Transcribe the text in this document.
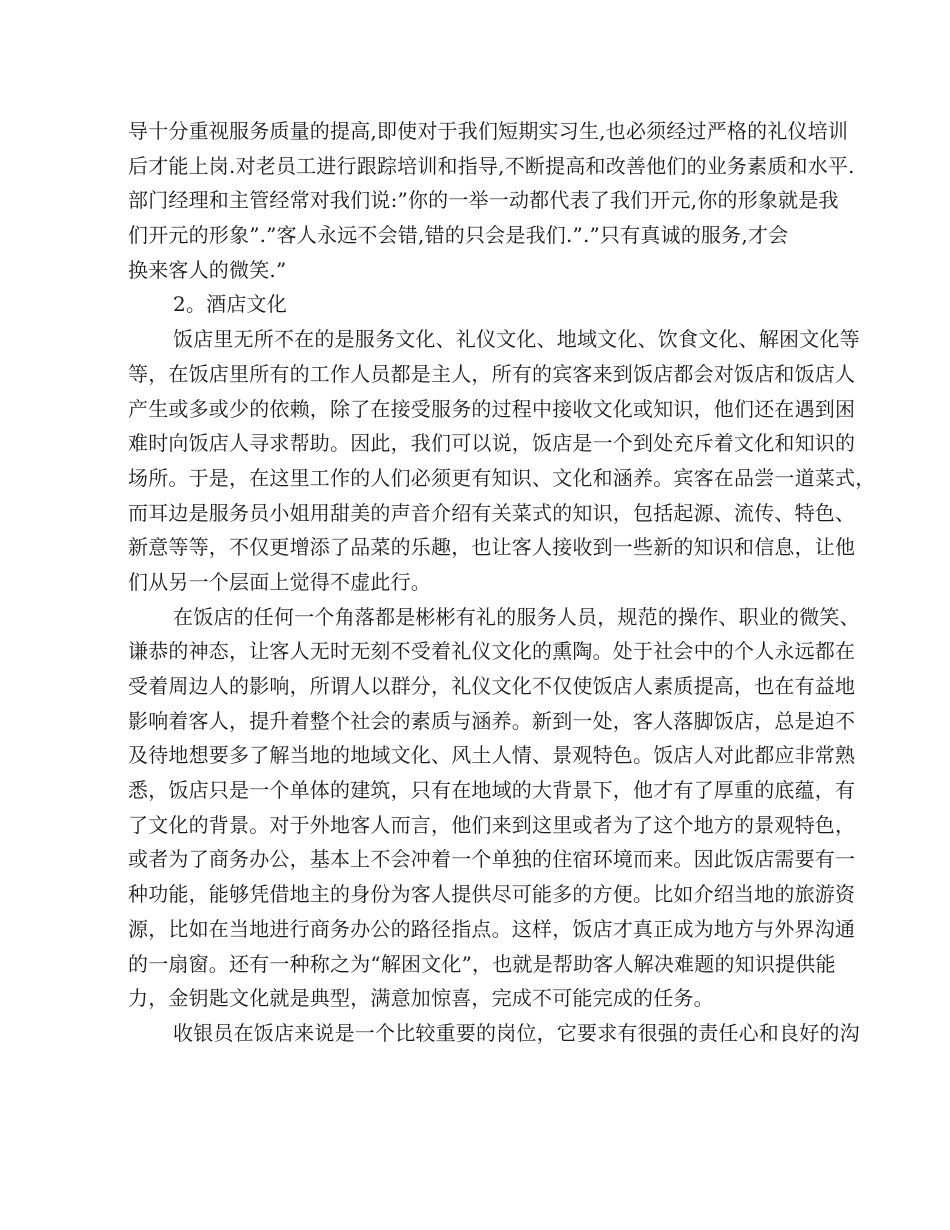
导十分重视服务质量的提高,即使对于我们短期实习生,也必须经过严格的礼仪培训
后才能上岗.对老员工进行跟踪培训和指导,不断提高和改善他们的业务素质和水平.
部门经理和主管经常对我们说:”你的一举一动都代表了我们开元,你的形象就是我
们开元的形象”.”客人永远不会错,错的只会是我们.”.”只有真诚的服务,才会
换来客人的微笑.”
2。酒店文化
饭店里无所不在的是服务文化、礼仪文化、地域文化、饮食文化、解困文化等
等，在饭店里所有的工作人员都是主人，所有的宾客来到饭店都会对饭店和饭店人
产生或多或少的依赖，除了在接受服务的过程中接收文化或知识，他们还在遇到困
难时向饭店人寻求帮助。因此，我们可以说，饭店是一个到处充斥着文化和知识的
场所。于是，在这里工作的人们必须更有知识、文化和涵养。宾客在品尝一道菜式，
而耳边是服务员小姐用甜美的声音介绍有关菜式的知识，包括起源、流传、特色、
新意等等，不仅更增添了品菜的乐趣，也让客人接收到一些新的知识和信息，让他
们从另一个层面上觉得不虚此行。
在饭店的任何一个角落都是彬彬有礼的服务人员，规范的操作、职业的微笑、
谦恭的神态，让客人无时无刻不受着礼仪文化的熏陶。处于社会中的个人永远都在
受着周边人的影响，所谓人以群分，礼仪文化不仅使饭店人素质提高，也在有益地
影响着客人，提升着整个社会的素质与涵养。新到一处，客人落脚饭店，总是迫不
及待地想要多了解当地的地域文化、风土人情、景观特色。饭店人对此都应非常熟
悉，饭店只是一个单体的建筑，只有在地域的大背景下，他才有了厚重的底蕴，有
了文化的背景。对于外地客人而言，他们来到这里或者为了这个地方的景观特色，
或者为了商务办公，基本上不会冲着一个单独的住宿环境而来。因此饭店需要有一
种功能，能够凭借地主的身份为客人提供尽可能多的方便。比如介绍当地的旅游资
源，比如在当地进行商务办公的路径指点。这样，饭店才真正成为地方与外界沟通
的一扇窗。还有一种称之为“解困文化”，也就是帮助客人解决难题的知识提供能
力，金钥匙文化就是典型，满意加惊喜，完成不可能完成的任务。
收银员在饭店来说是一个比较重要的岗位，它要求有很强的责任心和良好的沟
